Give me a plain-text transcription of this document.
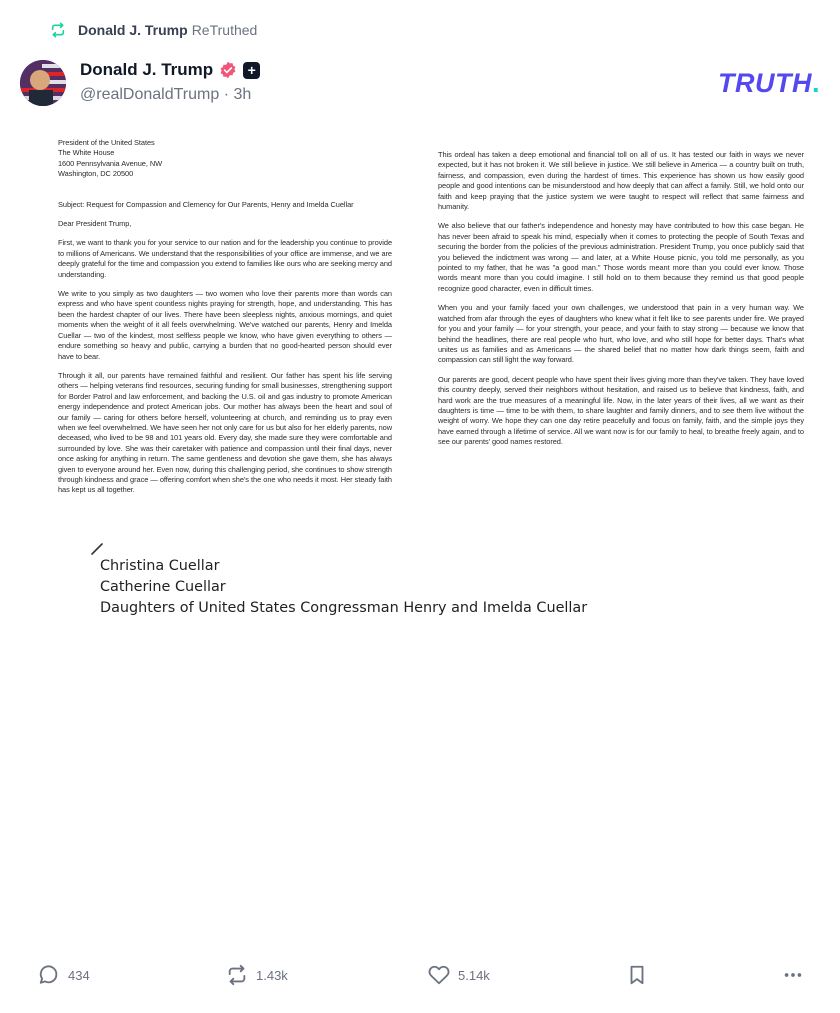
Donald J. Trump ReTruthed
Donald J. Trump	+
@realDonaldTrump · 3h	TRUTH.
President of the United States
The White House
1600 Pennsylvania Avenue, NW
Washington, DC 20500

Subject: Request for Compassion and Clemency for Our Parents, Henry and Imelda Cuellar

Dear President Trump,

First, we want to thank you for your service to our nation and for the leadership you continue to provide to millions of Americans. We understand that the responsibilities of your office are immense, and we are deeply grateful for the time and compassion you extend to families like ours who are seeking mercy and understanding.

We write to you simply as two daughters — two women who love their parents more than words can express and who have spent countless nights praying for strength, hope, and understanding. This has been the hardest chapter of our lives. There have been sleepless nights, anxious mornings, and quiet moments when the weight of it all feels overwhelming. We've watched our parents, Henry and Imelda Cuellar — two of the kindest, most selfless people we know, who have given everything to others — endure something so heavy and public, carrying a burden that no good-hearted person should ever have to bear.

Through it all, our parents have remained faithful and resilient. Our father has spent his life serving others — helping veterans find resources, securing funding for small businesses, strengthening support for Border Patrol and law enforcement, and backing the U.S. oil and gas industry to promote American energy independence and protect American jobs. Our mother has always been the heart and soul of our family — caring for others before herself, volunteering at church, and reminding us to pray even when we feel overwhelmed. We have seen her not only care for us but also for her elderly parents, now deceased, who lived to be 98 and 101 years old. Every day, she made sure they were comfortable and surrounded by love. She was their caretaker with patience and compassion until their final days, never once asking for anything in return. The same gentleness and devotion she gave them, she has always given to everyone around her. Even now, during this challenging period, she continues to show strength through kindness and grace — offering comfort when she's the one who needs it most. Her steady faith has kept us all together.

This ordeal has taken a deep emotional and financial toll on all of us. It has tested our faith in ways we never expected, but it has not broken it. We still believe in justice. We still believe in America — a country built on truth, fairness, and compassion, even during the hardest of times. This experience has shown us how easily good people and good intentions can be misunderstood and how deeply that can affect a family. Still, we hold onto our faith and keep praying that the justice system we were taught to respect will reflect that same fairness and humanity.

We also believe that our father's independence and honesty may have contributed to how this case began. He has never been afraid to speak his mind, especially when it comes to protecting the people of South Texas and securing the border from the policies of the previous administration. President Trump, you once publicly said that you believed the indictment was wrong — and later, at a White House picnic, you told me personally, as you pointed to my father, that he was "a good man." Those words meant more than you could ever know. Those words meant more than you could imagine. I still hold on to them because they remind us that good people recognize good character, even in difficult times.

When you and your family faced your own challenges, we understood that pain in a very human way. We watched from afar through the eyes of daughters who knew what it felt like to see parents under fire. We prayed for you and your family — for your strength, your peace, and your faith to stay strong — because we know that behind the headlines, there are real people who hurt, who love, and who still hope for better days. That's what unites us as families and as Americans — the shared belief that no matter how dark things seem, faith and compassion can still light the way forward.

Our parents are good, decent people who have spent their lives giving more than they've taken. They have loved this country deeply, served their neighbors without hesitation, and raised us to believe that kindness, faith, and hard work are the true measures of a meaningful life. Now, in the later years of their lives, all we want as their daughters is time — time to be with them, to share laughter and family dinners, and to see them live without the weight of worry. We hope they can one day retire peacefully and focus on family, faith, and the simple joys they have earned through a lifetime of service. All we want now is for our family to heal, to breathe freely again, and to see our parents' good names restored.

Christina Cuellar
Catherine Cuellar
Daughters of United States Congressman Henry and Imelda Cuellar
434	1.43k	5.14k
